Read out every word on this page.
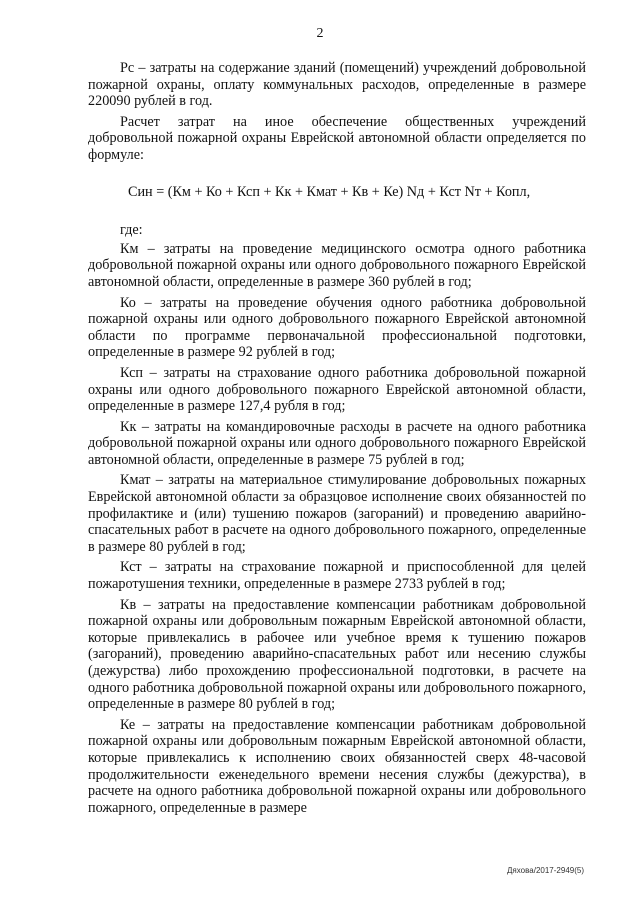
2

Рс – затраты на содержание зданий (помещений) учреждений добровольной пожарной охраны, оплату коммунальных расходов, определенные в размере 220090 рублей в год.

Расчет затрат на иное обеспечение общественных учреждений добровольной пожарной охраны Еврейской автономной области определяется по формуле:

Син = (Км + Ко + Ксп + Кк + Кмат + Кв + Ке) Nд + Кст Nт + Копл,

где:

Км – затраты на проведение медицинского осмотра одного работника добровольной пожарной охраны или одного добровольного пожарного Еврейской автономной области, определенные в размере 360 рублей в год;

Ко – затраты на проведение обучения одного работника добровольной пожарной охраны или одного добровольного пожарного Еврейской автономной области по программе первоначальной профессиональной подготовки, определенные в размере 92 рублей в год;

Ксп – затраты на страхование одного работника добровольной пожарной охраны или одного добровольного пожарного Еврейской автономной области, определенные в размере 127,4 рубля в год;

Кк – затраты на командировочные расходы в расчете на одного работника добровольной пожарной охраны или одного добровольного пожарного Еврейской автономной области, определенные в размере 75 рублей в год;

Кмат – затраты на материальное стимулирование добровольных пожарных Еврейской автономной области за образцовое исполнение своих обязанностей по профилактике и (или) тушению пожаров (загораний) и проведению аварийно-спасательных работ в расчете на одного добровольного пожарного, определенные в размере 80 рублей в год;

Кст – затраты на страхование пожарной и приспособленной для целей пожаротушения техники, определенные в размере 2733 рублей в год;

Кв – затраты на предоставление компенсации работникам добровольной пожарной охраны или добровольным пожарным Еврейской автономной области, которые привлекались в рабочее или учебное время к тушению пожаров (загораний), проведению аварийно-спасательных работ или несению службы (дежурства) либо прохождению профессиональной подготовки, в расчете на одного работника добровольной пожарной охраны или добровольного пожарного, определенные в размере 80 рублей в год;

Ке – затраты на предоставление компенсации работникам добровольной пожарной охраны или добровольным пожарным Еврейской автономной области, которые привлекались к исполнению своих обязанностей сверх 48-часовой продолжительности еженедельного времени несения службы (дежурства), в расчете на одного работника добровольной пожарной охраны или добровольного пожарного, определенные в размере

Дяхова/2017-2949(5)
